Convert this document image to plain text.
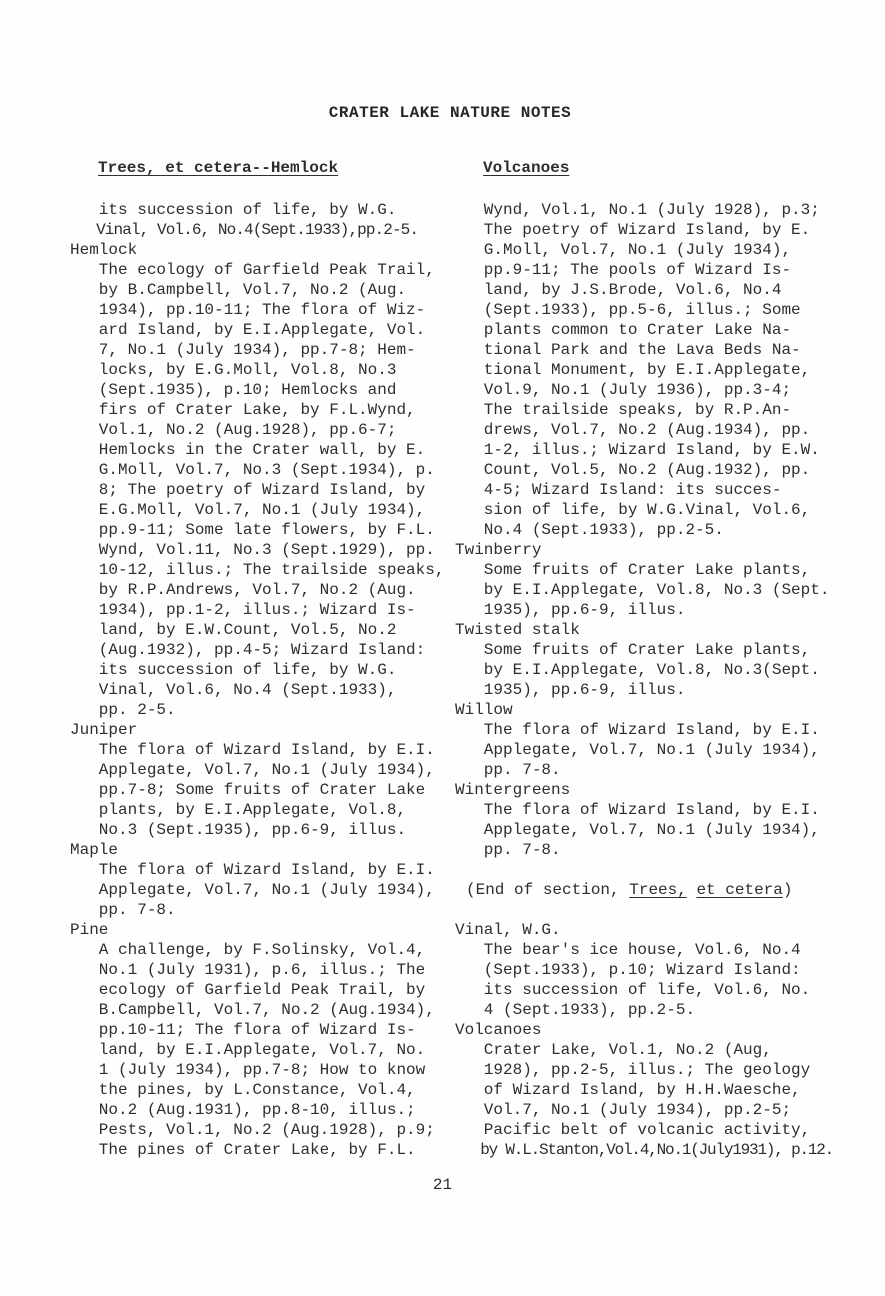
CRATER LAKE NATURE NOTES
Trees, et cetera--Hemlock
its succession of life, by W.G.
Vinal, Vol.6, No.4(Sept.1933),pp.2-5.
Hemlock
The ecology of Garfield Peak Trail,
by B.Campbell, Vol.7, No.2 (Aug.
1934), pp.10-11; The flora of Wiz-
ard Island, by E.I.Applegate, Vol.
7, No.1 (July 1934), pp.7-8; Hem-
locks, by E.G.Moll, Vol.8, No.3
(Sept.1935), p.10; Hemlocks and
firs of Crater Lake, by F.L.Wynd,
Vol.1, No.2 (Aug.1928), pp.6-7;
Hemlocks in the Crater wall, by E.
G.Moll, Vol.7, No.3 (Sept.1934), p.
8; The poetry of Wizard Island, by
E.G.Moll, Vol.7, No.1 (July 1934),
pp.9-11; Some late flowers, by F.L.
Wynd, Vol.11, No.3 (Sept.1929), pp.
10-12, illus.; The trailside speaks,
by R.P.Andrews, Vol.7, No.2 (Aug.
1934), pp.1-2, illus.; Wizard Is-
land, by E.W.Count, Vol.5, No.2
(Aug.1932), pp.4-5; Wizard Island:
its succession of life, by W.G.
Vinal, Vol.6, No.4 (Sept.1933),
pp. 2-5.
Juniper
The flora of Wizard Island, by E.I.
Applegate, Vol.7, No.1 (July 1934),
pp.7-8; Some fruits of Crater Lake
plants, by E.I.Applegate, Vol.8,
No.3 (Sept.1935), pp.6-9, illus.
Maple
The flora of Wizard Island, by E.I.
Applegate, Vol.7, No.1 (July 1934),
pp. 7-8.
Pine
A challenge, by F.Solinsky, Vol.4,
No.1 (July 1931), p.6, illus.; The
ecology of Garfield Peak Trail, by
B.Campbell, Vol.7, No.2 (Aug.1934),
pp.10-11; The flora of Wizard Is-
land, by E.I.Applegate, Vol.7, No.
1 (July 1934), pp.7-8; How to know
the pines, by L.Constance, Vol.4,
No.2 (Aug.1931), pp.8-10, illus.;
Pests, Vol.1, No.2 (Aug.1928), p.9;
The pines of Crater Lake, by F.L.
Volcanoes
Wynd, Vol.1, No.1 (July 1928), p.3;
The poetry of Wizard Island, by E.
G.Moll, Vol.7, No.1 (July 1934),
pp.9-11; The pools of Wizard Is-
land, by J.S.Brode, Vol.6, No.4
(Sept.1933), pp.5-6, illus.; Some
plants common to Crater Lake Na-
tional Park and the Lava Beds Na-
tional Monument, by E.I.Applegate,
Vol.9, No.1 (July 1936), pp.3-4;
The trailside speaks, by R.P.An-
drews, Vol.7, No.2 (Aug.1934), pp.
1-2, illus.; Wizard Island, by E.W.
Count, Vol.5, No.2 (Aug.1932), pp.
4-5; Wizard Island: its succes-
sion of life, by W.G.Vinal, Vol.6,
No.4 (Sept.1933), pp.2-5.
Twinberry
Some fruits of Crater Lake plants,
by E.I.Applegate, Vol.8, No.3 (Sept.
1935), pp.6-9, illus.
Twisted stalk
Some fruits of Crater Lake plants,
by E.I.Applegate, Vol.8, No.3(Sept.
1935), pp.6-9, illus.
Willow
The flora of Wizard Island, by E.I.
Applegate, Vol.7, No.1 (July 1934),
pp. 7-8.
Wintergreens
The flora of Wizard Island, by E.I.
Applegate, Vol.7, No.1 (July 1934),
pp. 7-8.
(End of section, Trees, et cetera)
Vinal, W.G.
The bear's ice house, Vol.6, No.4
(Sept.1933), p.10; Wizard Island:
its succession of life, Vol.6, No.
4 (Sept.1933), pp.2-5.
Volcanoes
Crater Lake, Vol.1, No.2 (Aug,
1928), pp.2-5, illus.; The geology
of Wizard Island, by H.H.Waesche,
Vol.7, No.1 (July 1934), pp.2-5;
Pacific belt of volcanic activity,
by W.L.Stanton,Vol.4,No.1(July1931), p.12.
21
